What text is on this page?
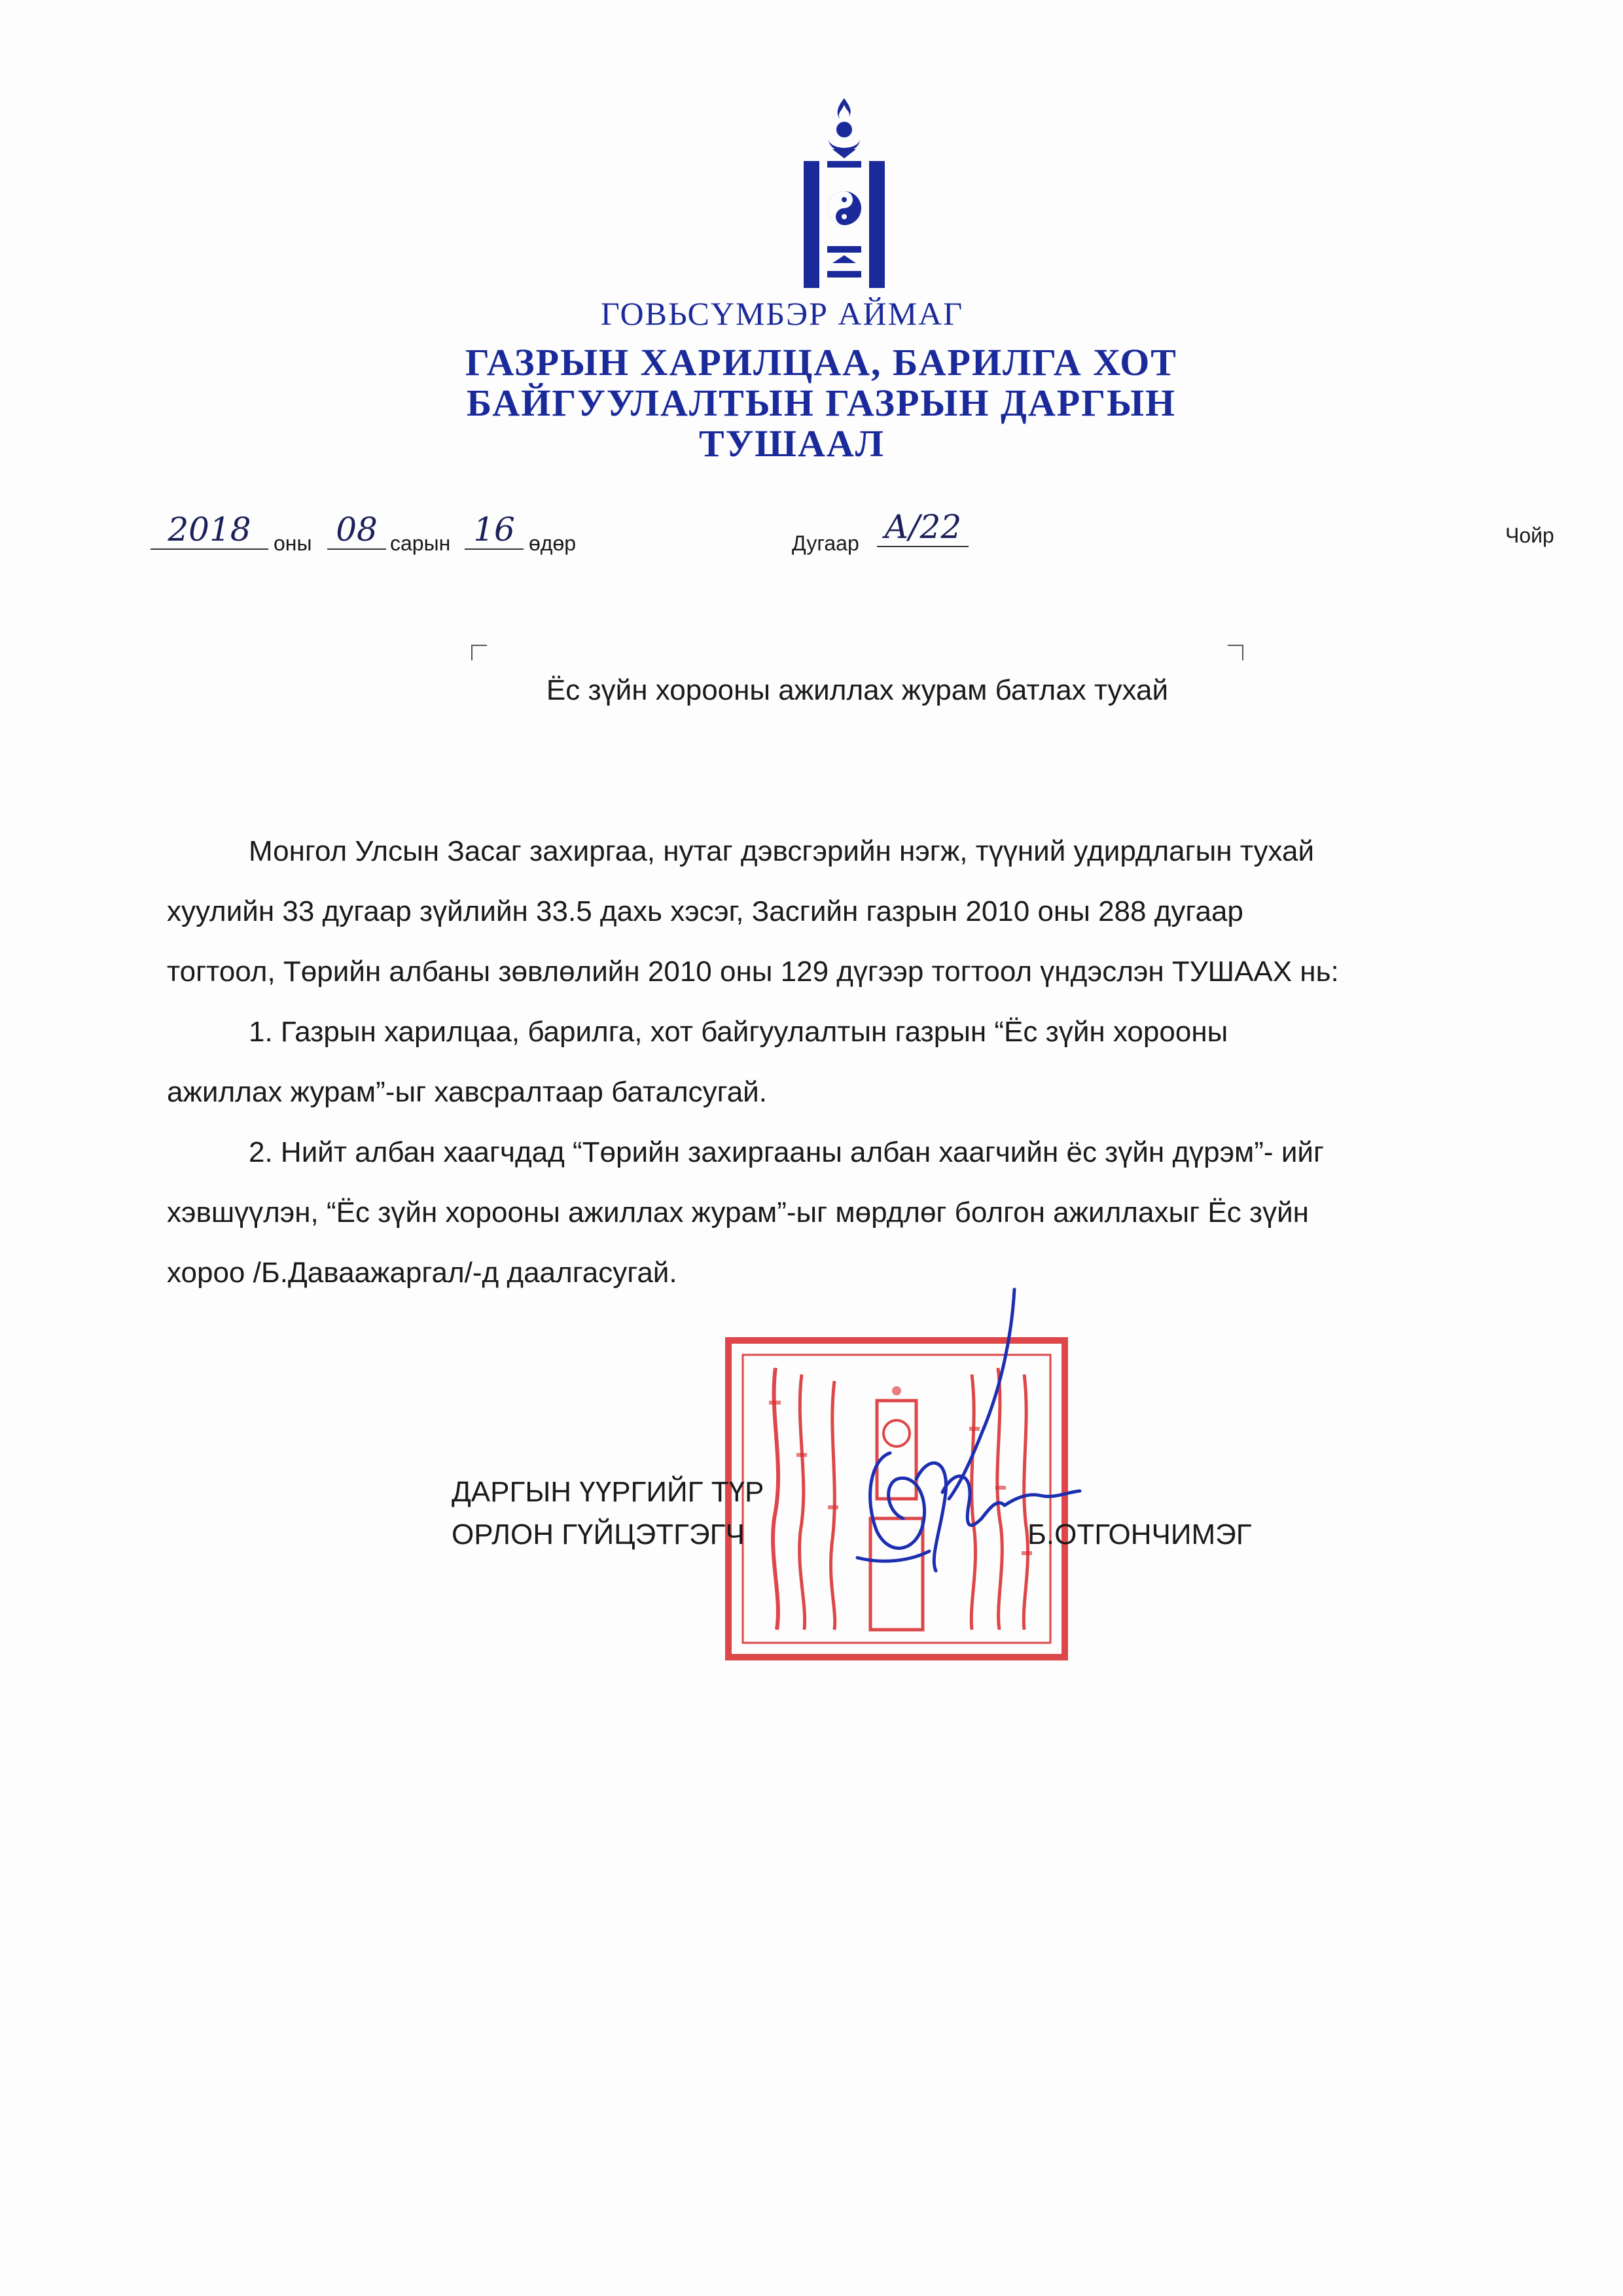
ГОВЬСҮМБЭР АЙМАГ
ГАЗРЫН ХАРИЛЦАА, БАРИЛГА ХОТ
БАЙГУУЛАЛТЫН ГАЗРЫН ДАРГЫН
ТУШААЛ
2018	оны 08 сарын 16 өдөр	Дугаар А/22	Чойр
Ёс зүйн хорооны ажиллах журам батлах тухай
Монгол Улсын Засаг захиргаа, нутаг дэвсгэрийн нэгж, түүний удирдлагын тухай
хуулийн 33 дугаар зүйлийн 33.5 дахь хэсэг, Засгийн газрын 2010 оны 288 дугаар
тогтоол, Төрийн албаны зөвлөлийн 2010 оны 129 дүгээр тогтоол үндэслэн ТУШААХ нь:
1. Газрын харилцаа, барилга, хот байгуулалтын газрын “Ёс зүйн хорооны
ажиллах журам”-ыг хавсралтаар баталсугай.
2. Нийт албан хаагчдад “Төрийн захиргааны албан хаагчийн ёс зүйн дүрэм”- ийг
хэвшүүлэн, “Ёс зүйн хорооны ажиллах журам”-ыг мөрдлөг болгон ажиллахыг Ёс зүйн
хороо /Б.Даваажаргал/-д даалгасугай.
ДАРГЫН ҮҮРГИЙГ ТҮР
ОРЛОН ГҮЙЦЭТГЭГЧ	Б.ОТГОНЧИМЭГ
